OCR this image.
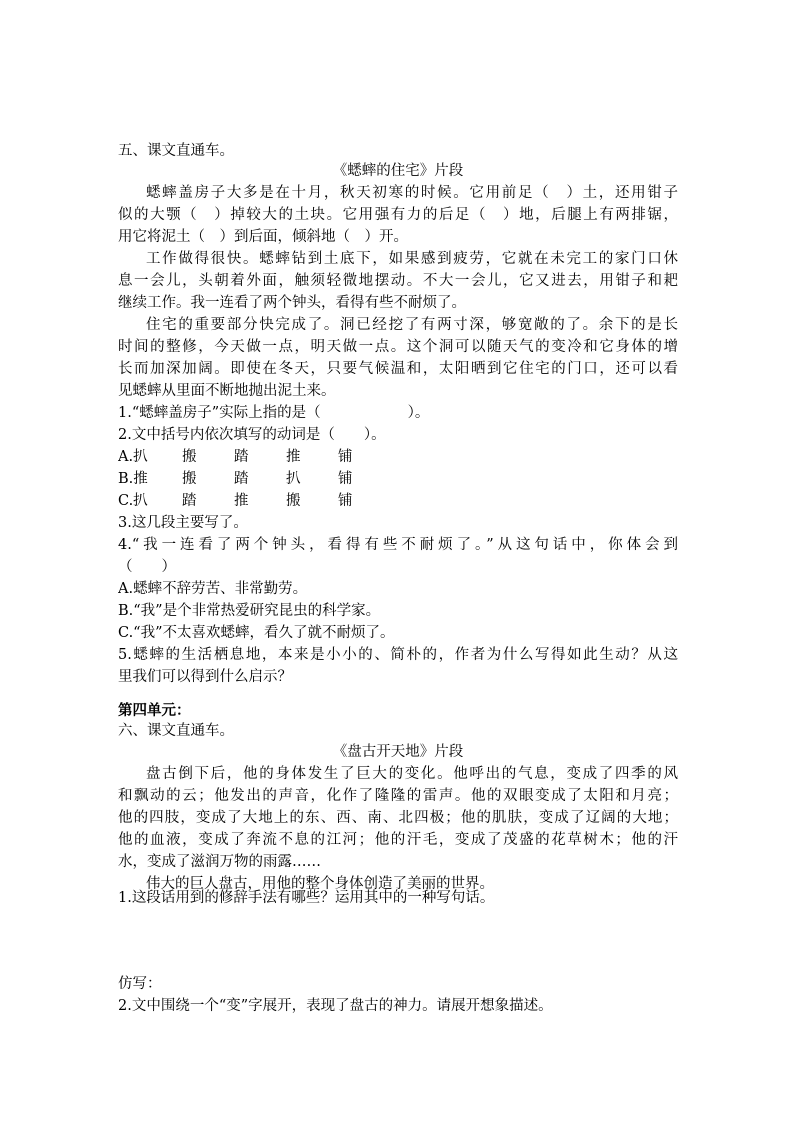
五、课文直通车。
《蟋蟀的住宅》片段
蟋蟀盖房子大多是在十月，秋天初寒的时候。它用前足（　）土，还用钳子
似的大颚（　）掉较大的土块。它用强有力的后足（　）地，后腿上有两排锯，
用它将泥土（　）到后面，倾斜地（　）开。
工作做得很快。蟋蟀钻到土底下，如果感到疲劳，它就在未完工的家门口休
息一会儿，头朝着外面，触须轻微地摆动。不大一会儿，它又进去，用钳子和耙
继续工作。我一连看了两个钟头，看得有些不耐烦了。
住宅的重要部分快完成了。洞已经挖了有两寸深，够宽敞的了。余下的是长
时间的整修，今天做一点，明天做一点。这个洞可以随天气的变冷和它身体的增
长而加深加阔。即使在冬天，只要气候温和，太阳晒到它住宅的门口，还可以看
见蟋蟀从里面不断地抛出泥土来。
1.“蟋蟀盖房子”实际上指的是（　　　　　　）。
2.文中括号内依次填写的动词是（　　）。
A.扒 搬	踏	推	铺
B.推 搬	踏	扒	铺
C.扒 踏	推	搬	铺
3.这几段主要写了。
4.“我一连看了两个钟头，看得有些不耐烦了。”从这句话中，你体会到
（　　）
A.蟋蟀不辞劳苦、非常勤劳。
B.“我”是个非常热爱研究昆虫的科学家。
C.“我”不太喜欢蟋蟀，看久了就不耐烦了。
5.蟋蟀的生活栖息地，本来是小小的、简朴的，作者为什么写得如此生动？从这
里我们可以得到什么启示？
第四单元：
六、课文直通车。
《盘古开天地》片段
盘古倒下后，他的身体发生了巨大的变化。他呼出的气息，变成了四季的风
和飘动的云；他发出的声音，化作了隆隆的雷声。他的双眼变成了太阳和月亮；
他的四肢，变成了大地上的东、西、南、北四极；他的肌肤，变成了辽阔的大地；
他的血液，变成了奔流不息的江河；他的汗毛，变成了茂盛的花草树木；他的汗
水，变成了滋润万物的雨露……
伟大的巨人盘古，用他的整个身体创造了美丽的世界。
1.这段话用到的修辞手法有哪些？运用其中的一种写句话。
仿写：
2.文中围绕一个“变”字展开，表现了盘古的神力。请展开想象描述。
